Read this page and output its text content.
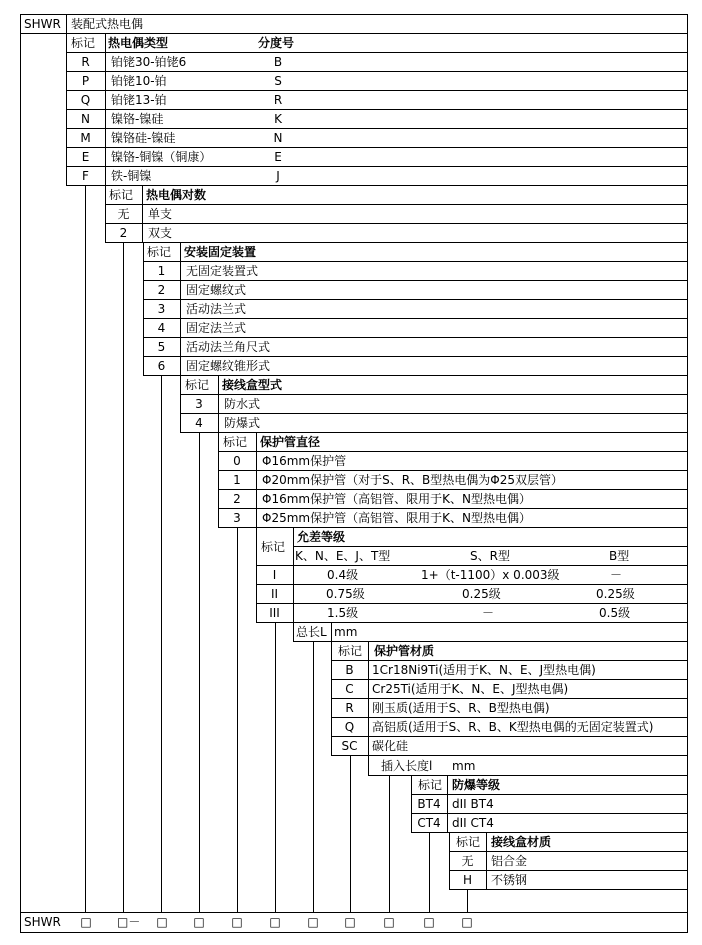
SHWR 装配式热电偶
标记 热电偶类型	分度号
R	铂铑30-铂铑6	B
P	铂铑10-铂	S
Q	铂铑13-铂	R
N	镍铬-镍硅	K
M	镍铬硅-镍硅	N
E	镍铬-铜镍（铜康）	E
F	铁-铜镍	J
标记 热电偶对数
无	单支
2	双支
标记 安装固定装置
1	无固定装置式
2	固定螺纹式
3	活动法兰式
4	固定法兰式
5	活动法兰角尺式
6	固定螺纹锥形式
标记 接线盒型式
3	防水式
4	防爆式
标记 保护管直径
0	Φ16mm保护管
1	Φ20mm保护管（对于S、R、B型热电偶为Φ25双层管）
2	Φ16mm保护管（高铝管、限用于K、N型热电偶）
3	Φ25mm保护管（高铝管、限用于K、N型热电偶）
标记
允差等级
K、N、E、J、T型	S、R型	B型
I	0.4级	1+（t-1100）x 0.003级	－
II	0.75级	0.25级	0.25级
III	1.5级	－	0.5级
总长L mm
标记 保护管材质
B	1Cr18Ni9Ti(适用于K、N、E、J型热电偶)
C	Cr25Ti(适用于K、N、E、J型热电偶)
R	刚玉质(适用于S、R、B型热电偶)
Q	高铝质(适用于S、R、B、K型热电偶的无固定装置式)
SC	碳化硅
插入长度l mm
标记 防爆等级
BT4 dII BT4
CT4 dII CT4
标记 接线盒材质
无	铝合金
H	不锈钢
SHWR □ □－ □ □ □ □ □ □ □ □ □
